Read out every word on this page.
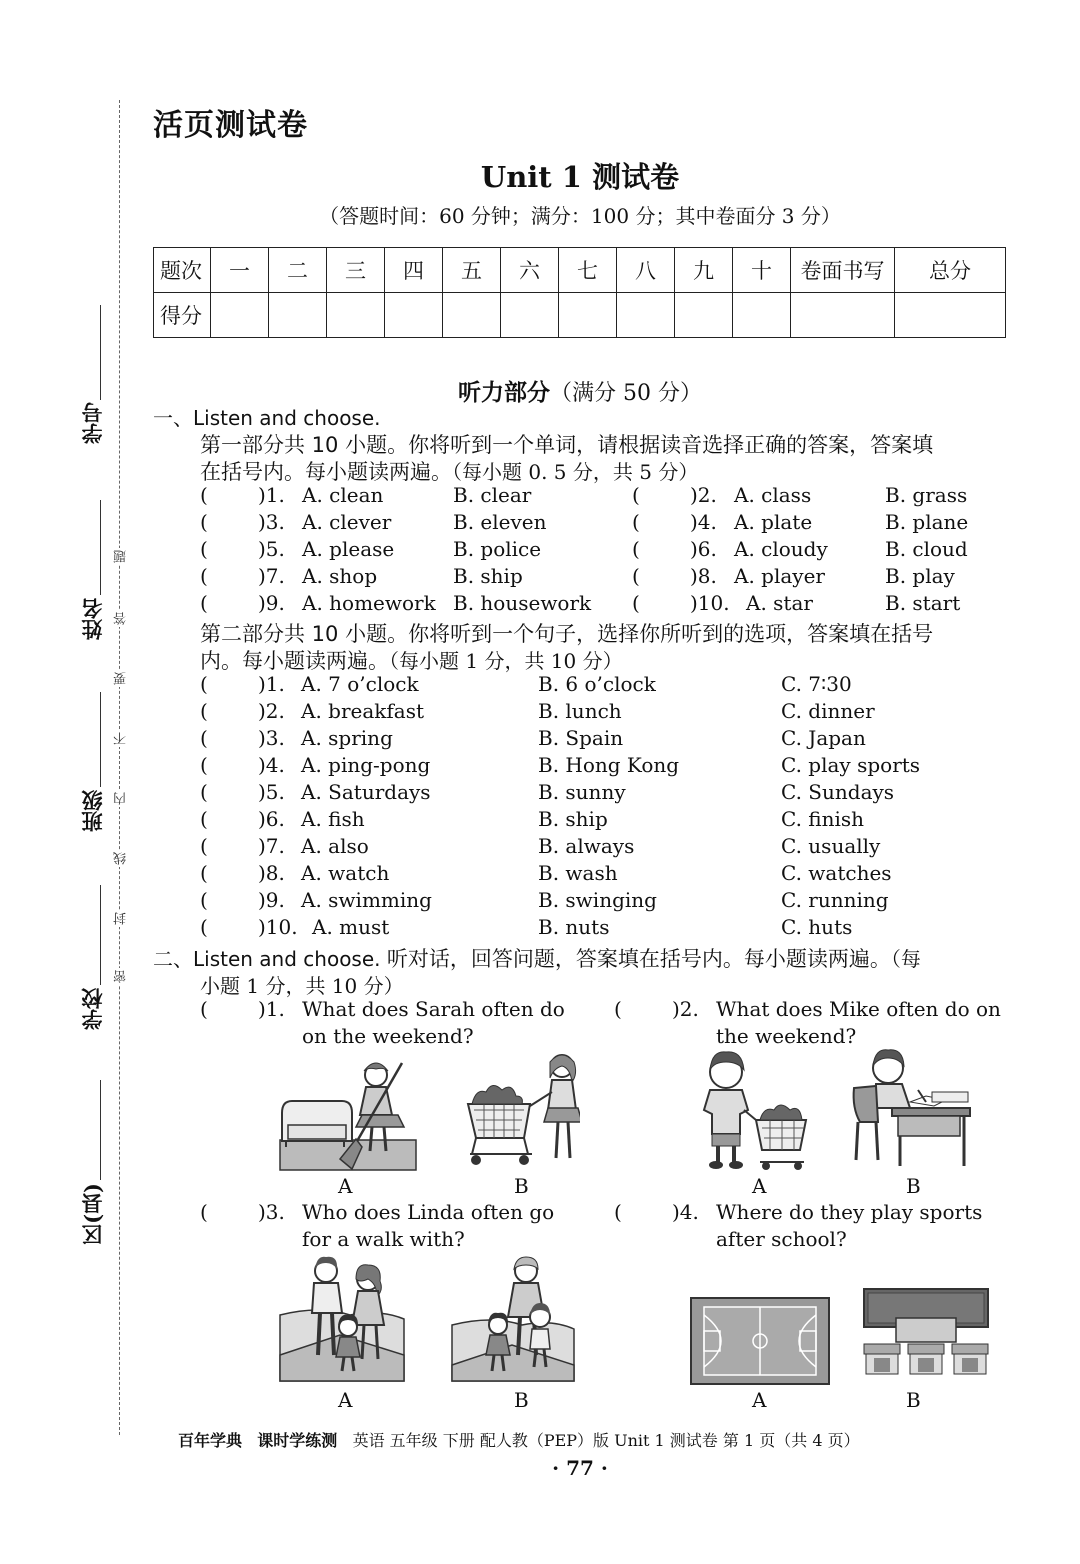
学号
姓名
班级
学校
区(县)
题
答
要
不
内
线
封
密
活页测试卷
Unit 1 测试卷
（答题时间：60 分钟；满分：100 分；其中卷面分 3 分）
题次	一	二	三	四	五	六	七	八	九	十	卷面书写	总分
得分												
听力部分（满分 50 分）
一、Listen and choose.
第一部分共 10 小题。你将听到一个单词，请根据读音选择正确的答案，答案填
在括号内。每小题读两遍。（每小题 0. 5 分，共 5 分）
(	)1. A. clean	B. clear	(	)2. A. class	B. grass
(	)3. A. clever	B. eleven	(	)4. A. plate	B. plane
(	)5. A. please	B. police	(	)6. A. cloudy	B. cloud
(	)7. A. shop	B. ship	(	)8. A. player	B. play
(	)9. A. homework B. housework (	)10. A. star	B. start
第二部分共 10 小题。你将听到一个句子，选择你所听到的选项，答案填在括号
内。每小题读两遍。（每小题 1 分，共 10 分）
(	)1. A. 7 o’clock	B. 6 o’clock	C. 7∶30
(	)2. A. breakfast	B. lunch	C. dinner
(	)3. A. spring	B. Spain	C. Japan
(	)4. A. ping-pong	B. Hong Kong	C. play sports
(	)5. A. Saturdays	B. sunny	C. Sundays
(	)6. A. fish	B. ship	C. finish
(	)7. A. also	B. always	C. usually
(	)8. A. watch	B. wash	C. watches
(	)9. A. swimming	B. swinging	C. running
(	)10. A. must	B. nuts	C. huts
二、Listen and choose. 听对话，回答问题，答案填在括号内。每小题读两遍。（每
小题 1 分，共 10 分）
(	)1. What does Sarah often do
on the weekend?
(	)2. What does Mike often do on
the weekend?
(	)3. Who does Linda often go
for a walk with?
(	)4. Where do they play sports
after school?
A	B	A	B
A	B	A	B
百年学典 课时学练测 英语 五年级 下册 配人教（PEP）版 Unit 1 测试卷 第 1 页（共 4 页）
· 77 ·
